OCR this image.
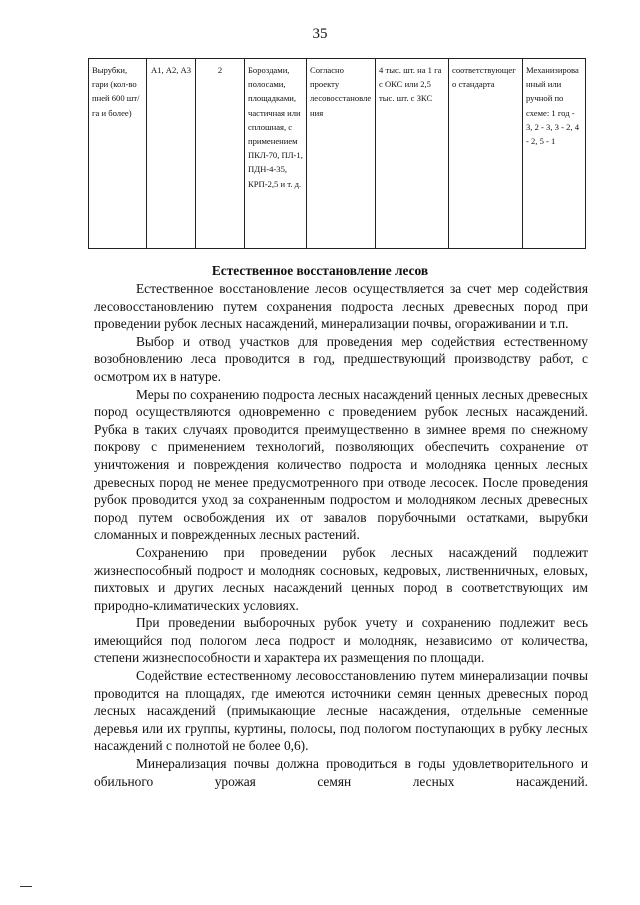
35
Вырубки, гари (кол-во пней 600 шт/га и более)	А1, А2, А3	2	Бороздами, полосами, площадками, частичная или сплошная, с применением ПКЛ-70, ПЛ-1, ПДН-4-35, КРП-2,5 и т. д.	Согласно проекту лесовосстановления	4 тыс. шт. на 1 га с ОКС или 2,5 тыс. шт. с ЗКС	соответствующего стандарта	Механизированный или ручной по схеме: 1 год - 3, 2 - 3, 3 - 2, 4 - 2, 5 - 1
Естественное восстановление лесов

Естественное восстановление лесов осуществляется за счет мер содействия лесовосстановлению путем сохранения подроста лесных древесных пород при проведении рубок лесных насаждений, минерализации почвы, огораживании и т.п.

Выбор и отвод участков для проведения мер содействия естественному возобновлению леса проводится в год, предшествующий производству работ, с осмотром их в натуре.

Меры по сохранению подроста лесных насаждений ценных лесных древесных пород осуществляются одновременно с проведением рубок лесных насаждений. Рубка в таких случаях проводится преимущественно в зимнее время по снежному покрову с применением технологий, позволяющих обеспечить сохранение от уничтожения и повреждения количество подроста и молодняка ценных лесных древесных пород не менее предусмотренного при отводе лесосек. После проведения рубок проводится уход за сохраненным подростом и молодняком лесных древесных пород путем освобождения их от завалов порубочными остатками, вырубки сломанных и поврежденных лесных растений.

Сохранению при проведении рубок лесных насаждений подлежит жизнеспособный подрост и молодняк сосновых, кедровых, лиственничных, еловых, пихтовых и других лесных насаждений ценных пород в соответствующих им природно-климатических условиях.

При проведении выборочных рубок учету и сохранению подлежит весь имеющийся под пологом леса подрост и молодняк, независимо от количества, степени жизнеспособности и характера их размещения по площади.

Содействие естественному лесовосстановлению путем минерализации почвы проводится на площадях, где имеются источники семян ценных древесных пород лесных насаждений (примыкающие лесные насаждения, отдельные семенные деревья или их группы, куртины, полосы, под пологом поступающих в рубку лесных насаждений с полнотой не более 0,6).

Минерализация почвы должна проводиться в годы удовлетворительного и обильного урожая семян лесных насаждений.
